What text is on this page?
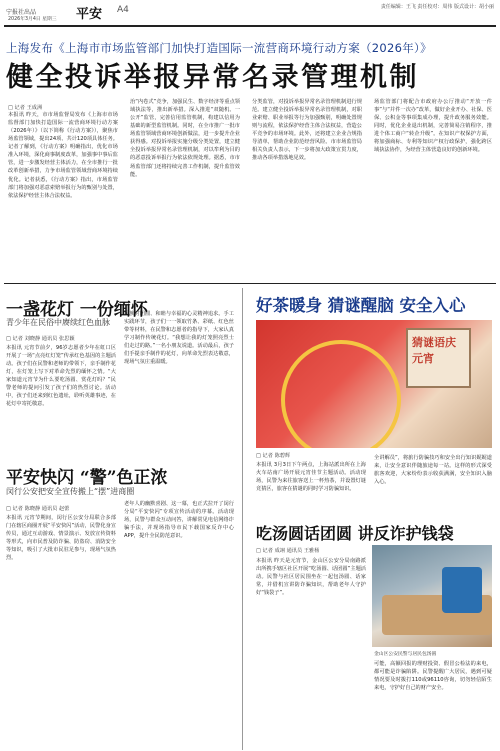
宁报社出品
2026年3月4日 星期三 平安 A4	责任编辑：王飞 责任校对：周伟 版式设计：胡小丽
上海发布《上海市市场监管部门加快打造国际一流营商环境行动方案（2026年）》
健全投诉举报异常名录管理机制
□ 记者 王成洲
本报讯 昨天，市市场监督局发布《上海市市场监督部门加快打造国际一流营商环境行动方案（2026年）》（以下简称《行动方案》），聚焦市场监管领域，提出24项、共计120项具体任务。记者了解到，《行动方案》明确指出，优化市场准入环境，深化商事制度改革，加强事中事后监管，进一步激发经营主体活力，在全市推行一批改革创新举措，力争市场监管领域营商环境持续优化。记者获悉，《行动方案》指出，市场监管部门将加强对恶意索赔举报行为的甄别与处置，依法保护经营主体合法权益。
治“内卷式”竞争，加强民生、数字经济等重点领域执法等，推出新举措。深入推进“双随机、一公开”监管，完善信用监管机制，构建以信用为基础的新型监管机制。同时，在全市推广一批市场监管领域营商环境创新做法，进一步提升企业获得感。对投诉举报实施分级分类处置，建立健全投诉举报异常名录管理机制，对以牟利为目的的恶意投诉举报行为依法依规处理。据悉，市市场监管部门还将持续完善工作机制，提升监管效能。
分类监管，对投诉举报异常名录管理机制进行规范。建立健全投诉举报异常名录管理机制，对职业索赔、职业举报等行为加强甄别，明确处置规则与流程，依法保护经营主体合法权益，营造公平竞争的市场环境。此外，还将建立企业合规指导清单，帮助企业防范经营风险。市市场监管局相关负责人表示，下一步将加大政策宣贯力度，推动各项举措落地见效。
场监管部门将配合市政府办公厅推动“开放一件事”与“并件一次办”改革，做好企业开办、社保、医保、公积金等事项集成办理，提升政务服务效能。同时，优化企业退出机制，完善简易注销程序，推进个体工商户“转企升级”。在知识产权保护方面，将加强商标、专利等知识产权行政保护，强化跨区域执法协作，为经营主体营造良好的创新环境。
一盏花灯 一份缅怀
青少年在民俗中赓续红色血脉
□ 记者 刘晓静 通讯员 张思颖
本报讯 元宵节前夕，96岁志愿者少年在虹口区开展了一场“点亮红灯笼”传承红色基因的主题活动。孩子们在民警和老师的带领下，亲手制作花灯，在灯笼上写下对革命先烈的缅怀之情。“大家知道元宵节为什么要吃汤圆、赏花灯吗？”民警老师的提问引发了孩子们的热烈讨论。活动中，孩子们还来到红色遗址，聆听英雄事迹，在花灯中寄托敬意。
民族对团圆、和睦与幸福的心灵精神追求。手工实践环节，孩子们一一领取竹条、彩纸、红色丝带等材料，在民警和志愿者的指导下，大家认真学习制作传统花灯。“我想让我的灯笼照亮烈士们走过的路。”一名小朋友说道。活动最后，孩子们手提亲手制作的花灯，向革命先烈表达敬意，现场气氛庄重温暖。
好茶暖身 猜谜醒脑 安全入心
猜谜语庆元宵
□ 记者 陈碧辉
本报讯 3月3日下午两点，上海站派出所在上海火车站南广场开展元宵佳节主题活动。活动现场，民警为来往旅客送上一杯热茶，并设置灯谜竞猜区，旅客在猜谜的同时学习防骗知识。
全讲解员”，将旅行防骗技巧和安全出行知识娓娓道来，让安全意识伴随旅途每一站。这样的形式深受旅客欢迎，大家纷纷表示收获满满，安全知识入脑入心。
平安快闪 “警”色正浓
闵行公安把安全宣传搬上“摆”进商圈
□ 记者 陈晓静 通讯员 赵蕾
本报讯 元宵节期间，闵行区公安分局联合多部门在辖区商圈开展“平安快闪”活动，民警化身宣传员，通过互动游戏、情景演示、发放宣传资料等形式，向市民普及防诈骗、防盗窃、消防安全等知识，吸引了大批市民驻足参与，现场气氛热烈。
老年人的幽默喜剧、这一幕，也正式拉开了闵行分局“平安快闪”专项宣传活动的序幕。活动现场，民警与群众互动问答，讲解常见电信网络诈骗手法，并现场指导市民下载国家反诈中心APP，提升全民防范意识。	吃汤圆话团圆 讲反诈护钱袋
□ 记者 成翊 通讯员 王雅杨
本报讯 昨天是元宵节，金山区公安分局南路派出所携手辖区社区开展“吃汤圆、话团圆”主题活动。民警与社区居民围坐在一起包汤圆、话家常，并借机宣讲防诈骗知识，帮助老年人守护好“钱袋子”。
金山区公安民警与居民包汤圆
可能，高额回报的理财投资、假冒公检法的来电，都可能是诈骗陷阱。民警提醒广大居民，遇到可疑情况要及时拨打110或96110咨询，切勿轻信陌生来电，守护好自己的财产安全。
